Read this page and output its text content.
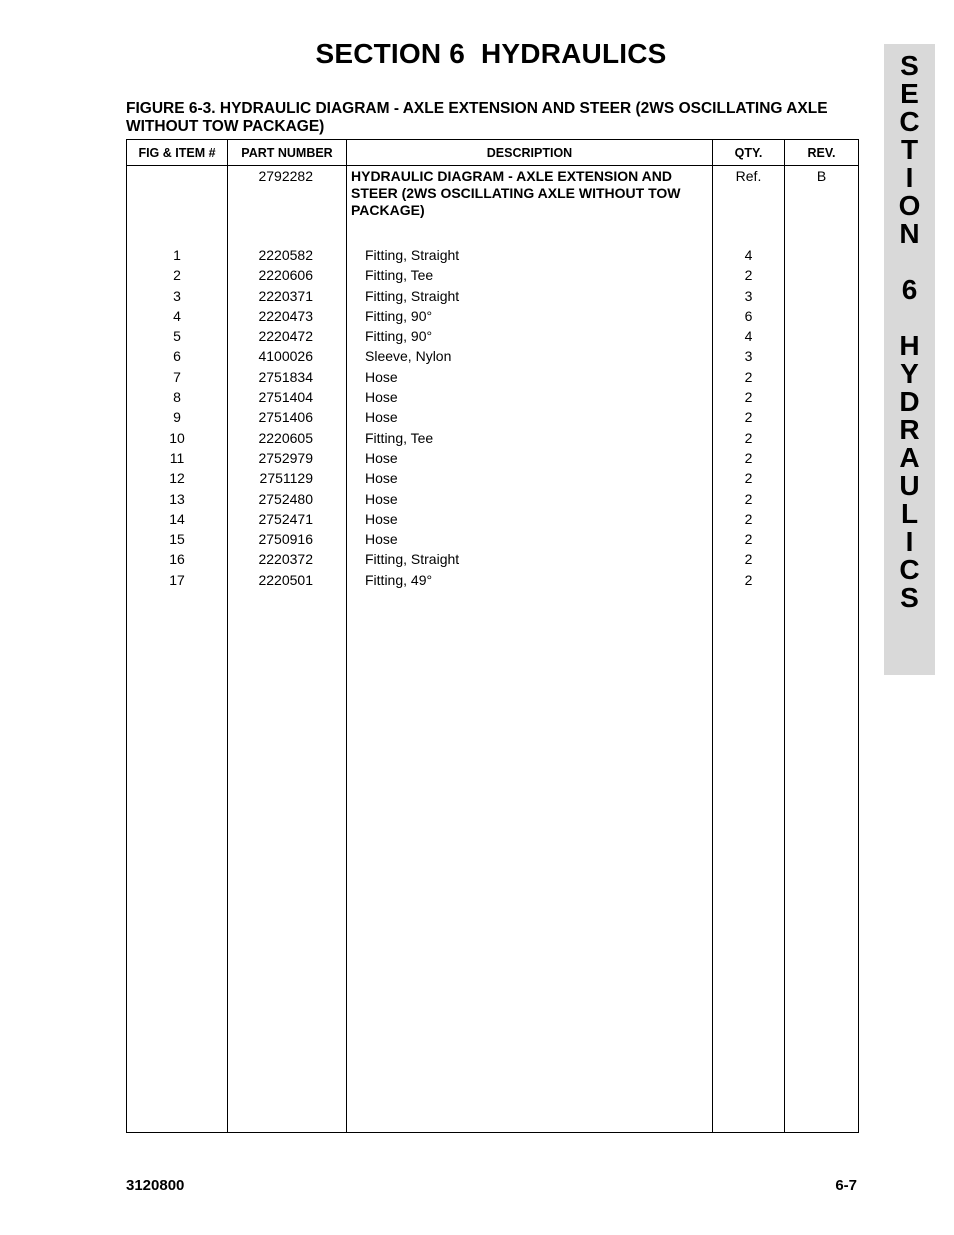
SECTION 6  HYDRAULICS
FIGURE 6-3. HYDRAULIC DIAGRAM - AXLE EXTENSION AND STEER (2WS OSCILLATING AXLE WITHOUT TOW PACKAGE)
S
E
C
T
I
O
N
6
H
Y
D
R
A
U
L
I
C
S
FIG & ITEM #	PART NUMBER	DESCRIPTION	QTY.	REV.
	2792282	HYDRAULIC DIAGRAM - AXLE EXTENSION AND STEER (2WS OSCILLATING AXLE WITHOUT TOW PACKAGE)	Ref.	B

1	2220582	Fitting, Straight	4	
2	2220606	Fitting, Tee	2	
3	2220371	Fitting, Straight	3	
4	2220473	Fitting, 90°	6	
5	2220472	Fitting, 90°	4	
6	4100026	Sleeve, Nylon	3	
7	2751834	Hose	2	
8	2751404	Hose	2	
9	2751406	Hose	2	
10	2220605	Fitting, Tee	2	
11	2752979	Hose	2	
12	2751129	Hose	2	
13	2752480	Hose	2	
14	2752471	Hose	2	
15	2750916	Hose	2	
16	2220372	Fitting, Straight	2	
17	2220501	Fitting, 49°	2	

3120800	6-7
